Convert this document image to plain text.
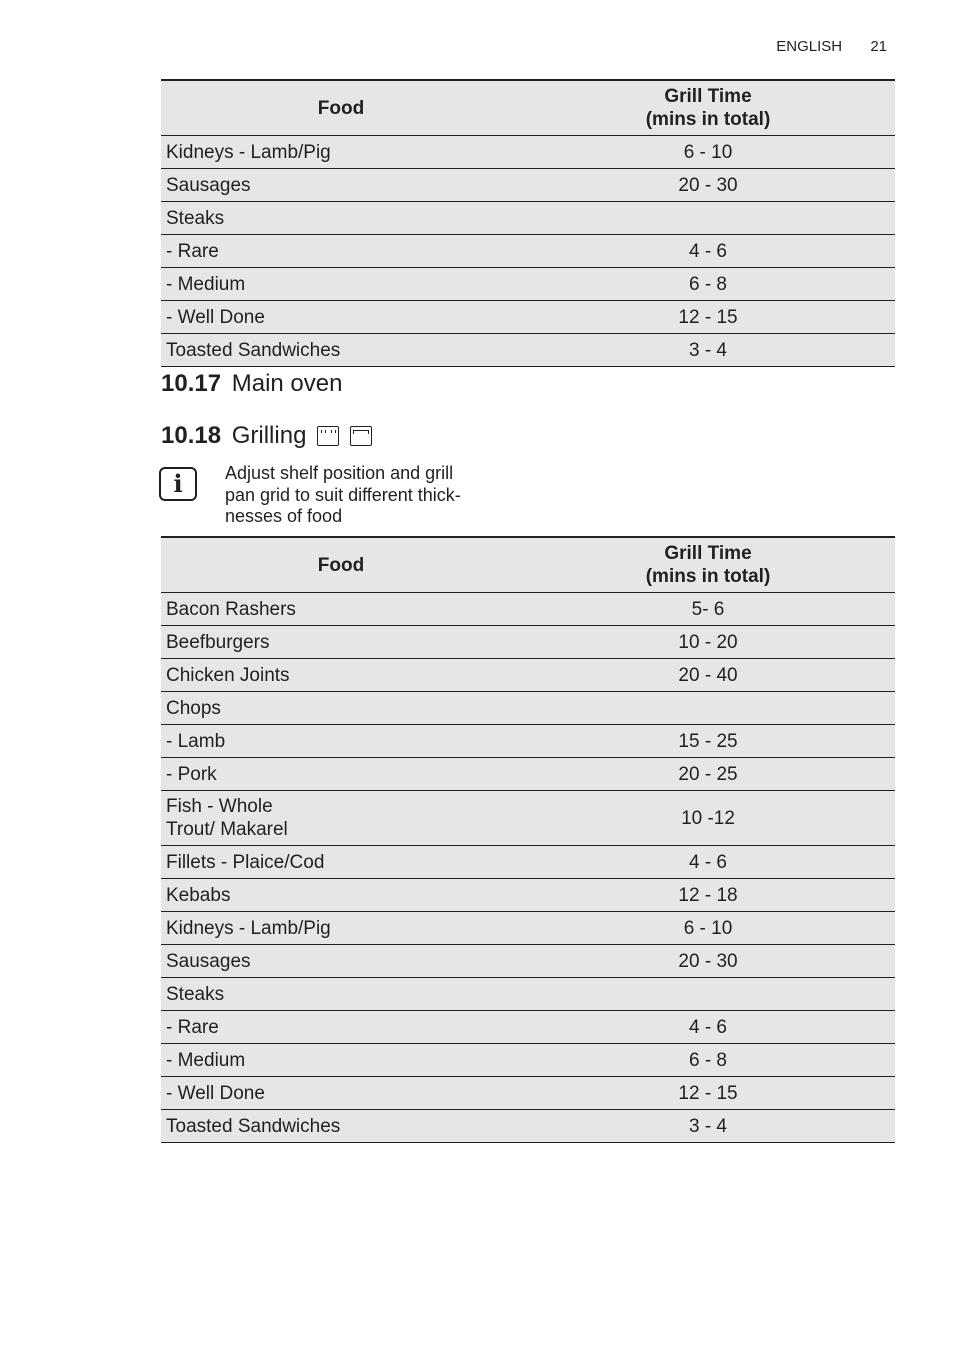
ENGLISH 21
Food	Grill Time
(mins in total)
Kidneys - Lamb/Pig	6 - 10
Sausages	20 - 30
Steaks	
- Rare	4 - 6
- Medium	6 - 8
- Well Done	12 - 15
Toasted Sandwiches	3 - 4
10.17 Main oven
10.18 Grilling
i	Adjust shelf position and grill
pan grid to suit different thick-
nesses of food

Food	Grill Time
(mins in total)
Bacon Rashers	5- 6
Beefburgers	10 - 20
Chicken Joints	20 - 40
Chops	
- Lamb	15 - 25
- Pork	20 - 25
Fish - Whole
Trout/ Makarel	10 -12
Fillets - Plaice/Cod	4 - 6
Kebabs	12 - 18
Kidneys - Lamb/Pig	6 - 10
Sausages	20 - 30
Steaks	
- Rare	4 - 6
- Medium	6 - 8
- Well Done	12 - 15
Toasted Sandwiches	3 - 4
